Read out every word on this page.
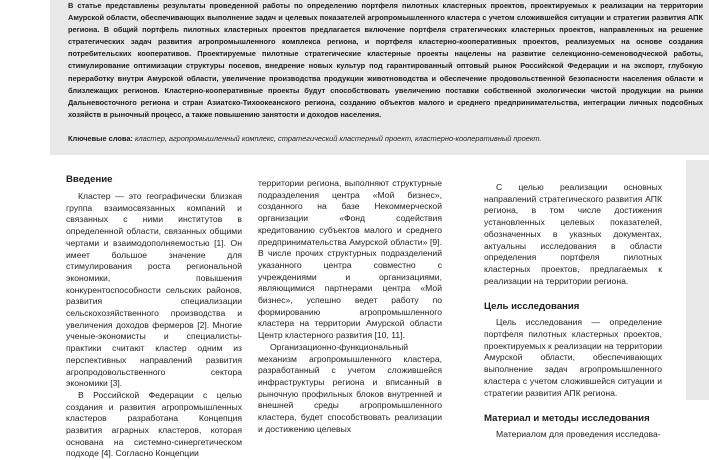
В статье представлены результаты проведенной работы по определению портфеля пилотных кластерных проектов, проектируемых к реализации на территории Амурской области, обеспечивающих выполнение задач и целевых показателей агропромышленного кластера с учетом сложившейся ситуации и стратегии развития АПК региона. В общий портфель пилотных кластерных проектов предлагается включение портфеля стратегических кластерных проектов, направленных на решение стратегических задач развития агропромышленного комплекса региона, и портфеля кластерно-кооперативных проектов, реализуемых на основе создания потребительских кооперативов. Проектируемые пилотные стратегические кластерные проекты нацелены на развитие селекционно-семеноводческой работы, стимулирование оптимизации структуры посевов, внедрение новых культур под гарантированный оптовый рынок Российской Федерации и на экспорт, глубокую переработку внутри Амурской области, увеличение производства продукции животноводства и обеспечение продовольственной безопасности населения области и близлежащих регионов. Кластерно-кооперативные проекты будут способствовать увеличению поставки собственной экологически чистой продукции на рынки Дальневосточного региона и стран Азиатско-Тихоокеанского региона, созданию объектов малого и среднего предпринимательства, интеграции личных подсобных хозяйств в рыночный процесс, а также повышению занятости и доходов населения.

Ключевые слова: кластер, агропромышленный комплекс, стратегический кластерный проект, кластерно-кооперативный проект.

Введение

Кластер — это географически близкая группа взаимосвязанных компаний и связанных с ними институтов в определенной области, связанных общими чертами и взаимодополняемостью [1]. Он имеет большое значение для стимулирования роста региональной экономики, повышения конкурентоспособности сельских районов, развития специализации сельскохозяйственного производства и увеличения доходов фермеров [2]. Многие ученые-экономисты и специалисты-практики считают кластер одним из перспективных направлений развития агропродовольственного сектора экономики [3].

В Российской Федерации с целью создания и развития агропромышленных кластеров разработана Концепция развития аграрных кластеров, которая основана на системно-синергетическом подходе [4]. Согласно Концепции

территории региона, выполняют структурные подразделения центра «Мой бизнес», созданного на базе Некоммерческой организации «Фонд содействия кредитованию субъектов малого и среднего предпринимательства Амурской области» [9]. В числе прочих структурных подразделений указанного центра совместно с учреждениями и организациями, являющимися партнерами центра «Мой бизнес», успешно ведет работу по формированию агропромышленного кластера на территории Амурской области Центр кластерного развития [10, 11].

Организационно-функциональный механизм агропромышленного кластера, разработанный с учетом сложившейся инфраструктуры региона и вписанный в рыночную профильных блоков внутренней и внешней среды агропромышленного кластера, будет способствовать реализации и достижению целевых

С целью реализации основных направлений стратегического развития АПК региона, в том числе достижения установленных целевых показателей, обозначенных в указных документах, актуальны исследования в области определения портфеля пилотных кластерных проектов, предлагаемых к реализации на территории региона.

Цель исследования

Цель исследования — определение портфеля пилотных кластерных проектов, проектируемых к реализации на территории Амурской области, обеспечивающих выполнение задач агропромышленного кластера с учетом сложившейся ситуации и стратегии развития АПК региона.

Материал и методы исследования

Материалом для проведения исследова-
